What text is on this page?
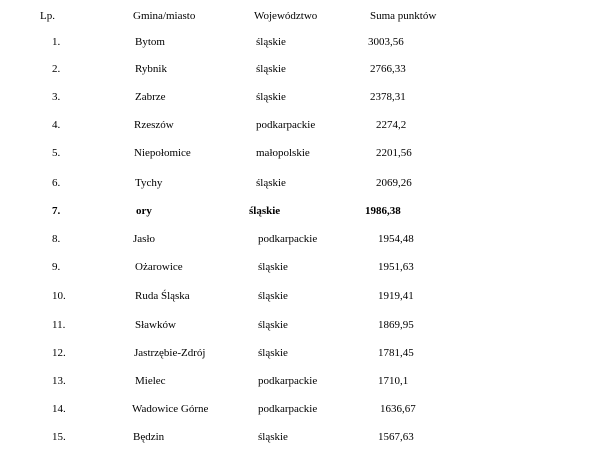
Lp.	Gmina/miasto	Województwo	Suma punktów
1.	Bytom	śląskie	3003,56
2.	Rybnik	śląskie	2766,33
3.	Zabrze	śląskie	2378,31
4.	Rzeszów	podkarpackie	2274,2
5.	Niepołomice	małopolskie	2201,56
6.	Tychy	śląskie	2069,26
7.	ory	śląskie	1986,38
8.	Jasło	podkarpackie	1954,48
9.	Ożarowice	śląskie	1951,63
10.	Ruda Śląska	śląskie	1919,41
11.	Sławków	śląskie	1869,95
12.	Jastrzębie-Zdrój	śląskie	1781,45
13.	Mielec	podkarpackie	1710,1
14.	Wadowice Górne	podkarpackie	1636,67
15.	Będzin	śląskie	1567,63
